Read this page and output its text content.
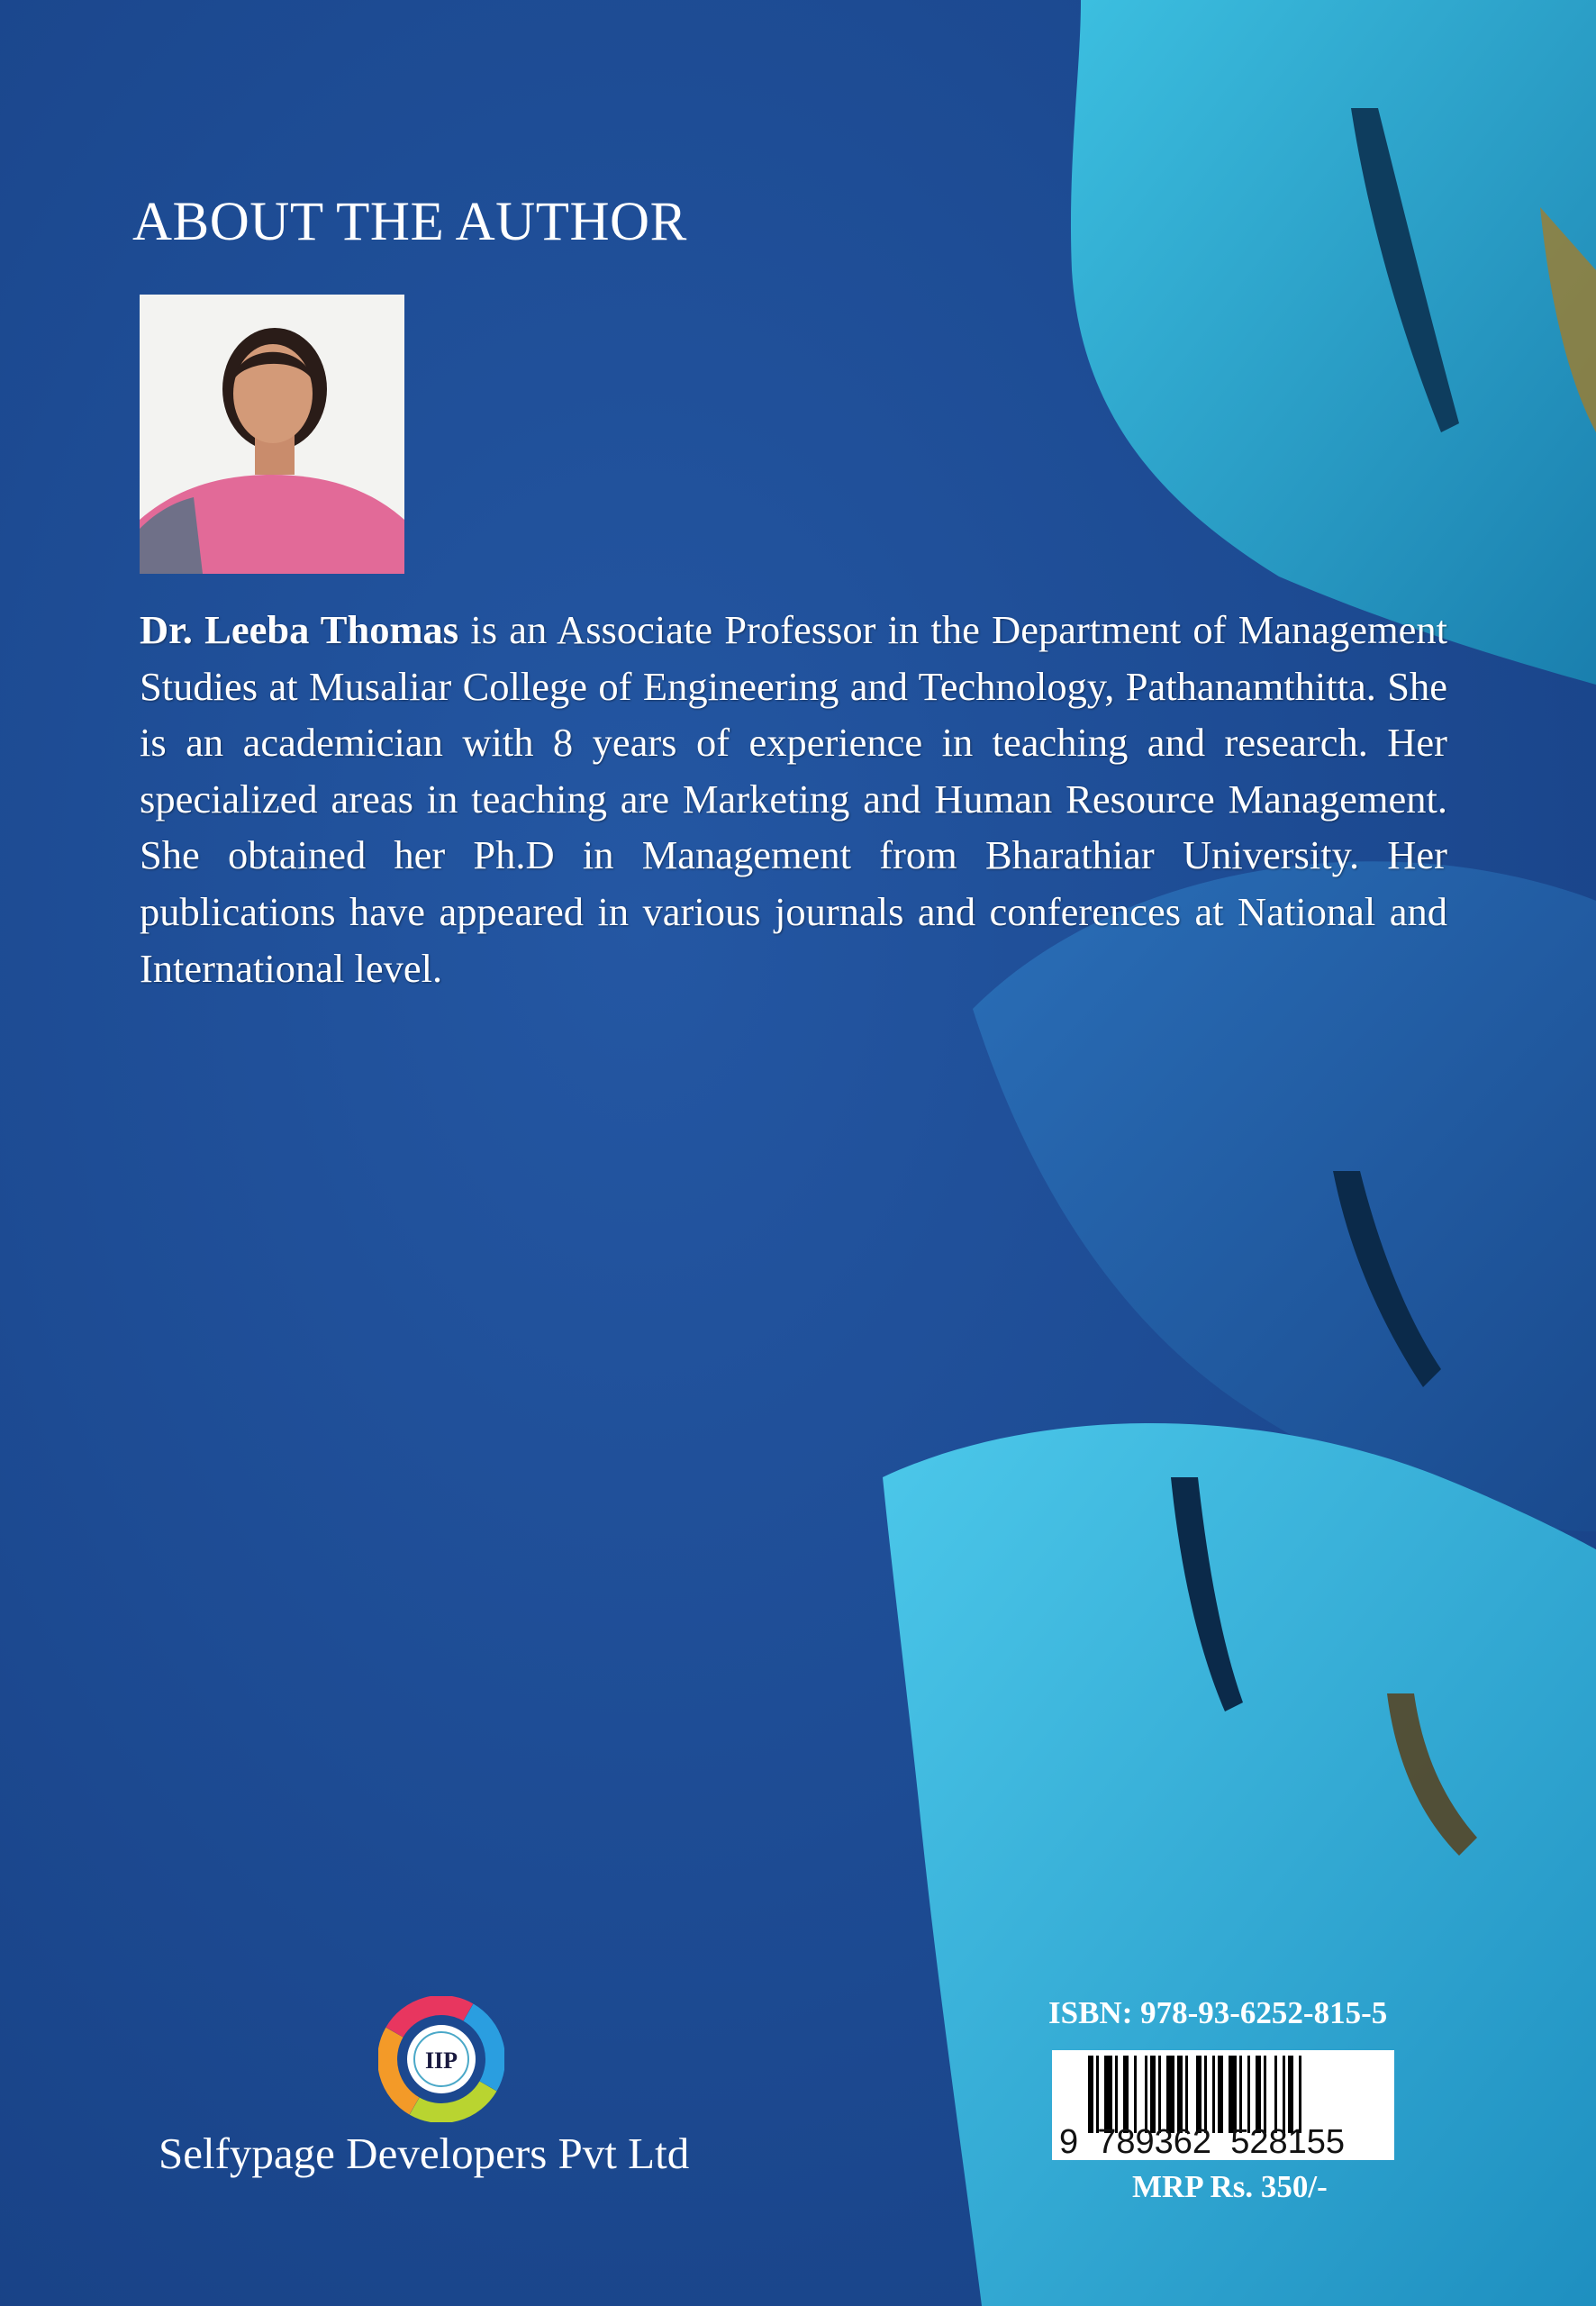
ABOUT THE AUTHOR
Dr. Leeba Thomas is an Associate Professor in the Department of Management Studies at Musaliar College of Engineering and Technology, Pathanamthitta. She is an academician with 8 years of experience in teaching and research. Her specialized areas in teaching are Marketing and Human Resource Management. She obtained her Ph.D in Management from Bharathiar University. Her publications have appeared in various journals and conferences at National and International level.
IIP
Selfypage Developers Pvt Ltd
ISBN: 978-93-6252-815-5
9 789362 528155
MRP Rs. 350/-
